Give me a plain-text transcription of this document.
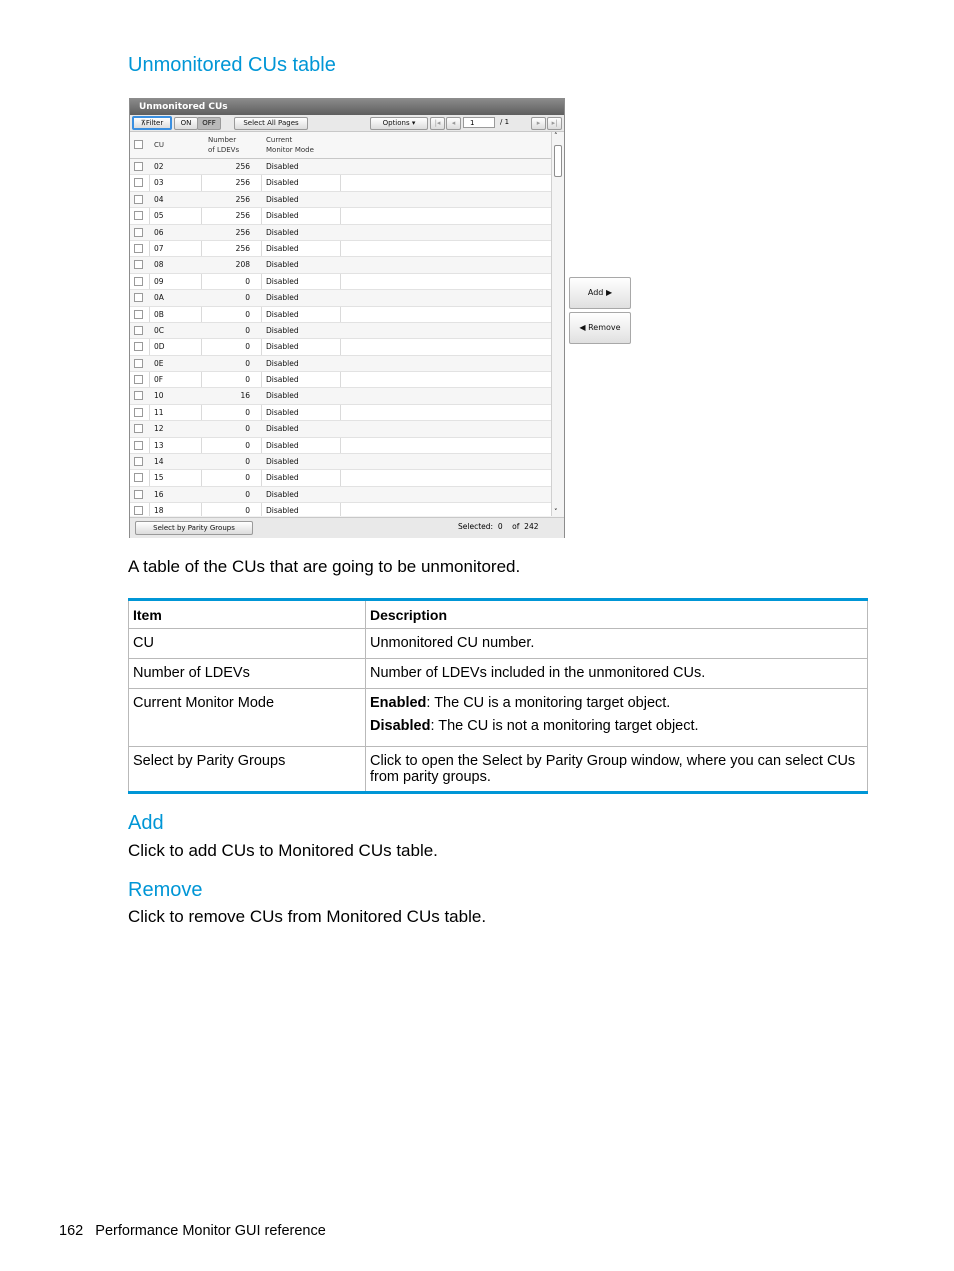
Unmonitored CUs table
Unmonitored CUs
⊼Filter	ON	OFF	Select All Pages	Options ▾	|◂	◂	1	/ 1	▸	▸|
CU
Number
of LDEVs
Current
Monitor Mode
02	256 Disabled
03	256 Disabled
04	256 Disabled
05	256 Disabled
06	256 Disabled
07	256 Disabled
08	208 Disabled
09	0 Disabled
0A	0 Disabled
0B	0 Disabled
0C	0 Disabled
0D	0 Disabled
0E	0 Disabled
0F	0 Disabled
10	16 Disabled
11	0 Disabled
12	0 Disabled
13	0 Disabled
14	0 Disabled
15	0 Disabled
16	0 Disabled
18	0 Disabled
˄
˅
Select by Parity Groups	Selected: 0 of 242
Add ▶
◀ Remove
A table of the CUs that are going to be unmonitored.
Item	Description
CU	Unmonitored CU number.
Number of LDEVs	Number of LDEVs included in the unmonitored CUs.
Current Monitor Mode	Enabled: The CU is a monitoring target object.
Disabled: The CU is not a monitoring target object.

Select by Parity Groups	Click to open the Select by Parity Group window, where you can select CUs from parity groups.
Add
Click to add CUs to Monitored CUs table.
Remove
Click to remove CUs from Monitored CUs table.
162 Performance Monitor GUI reference
